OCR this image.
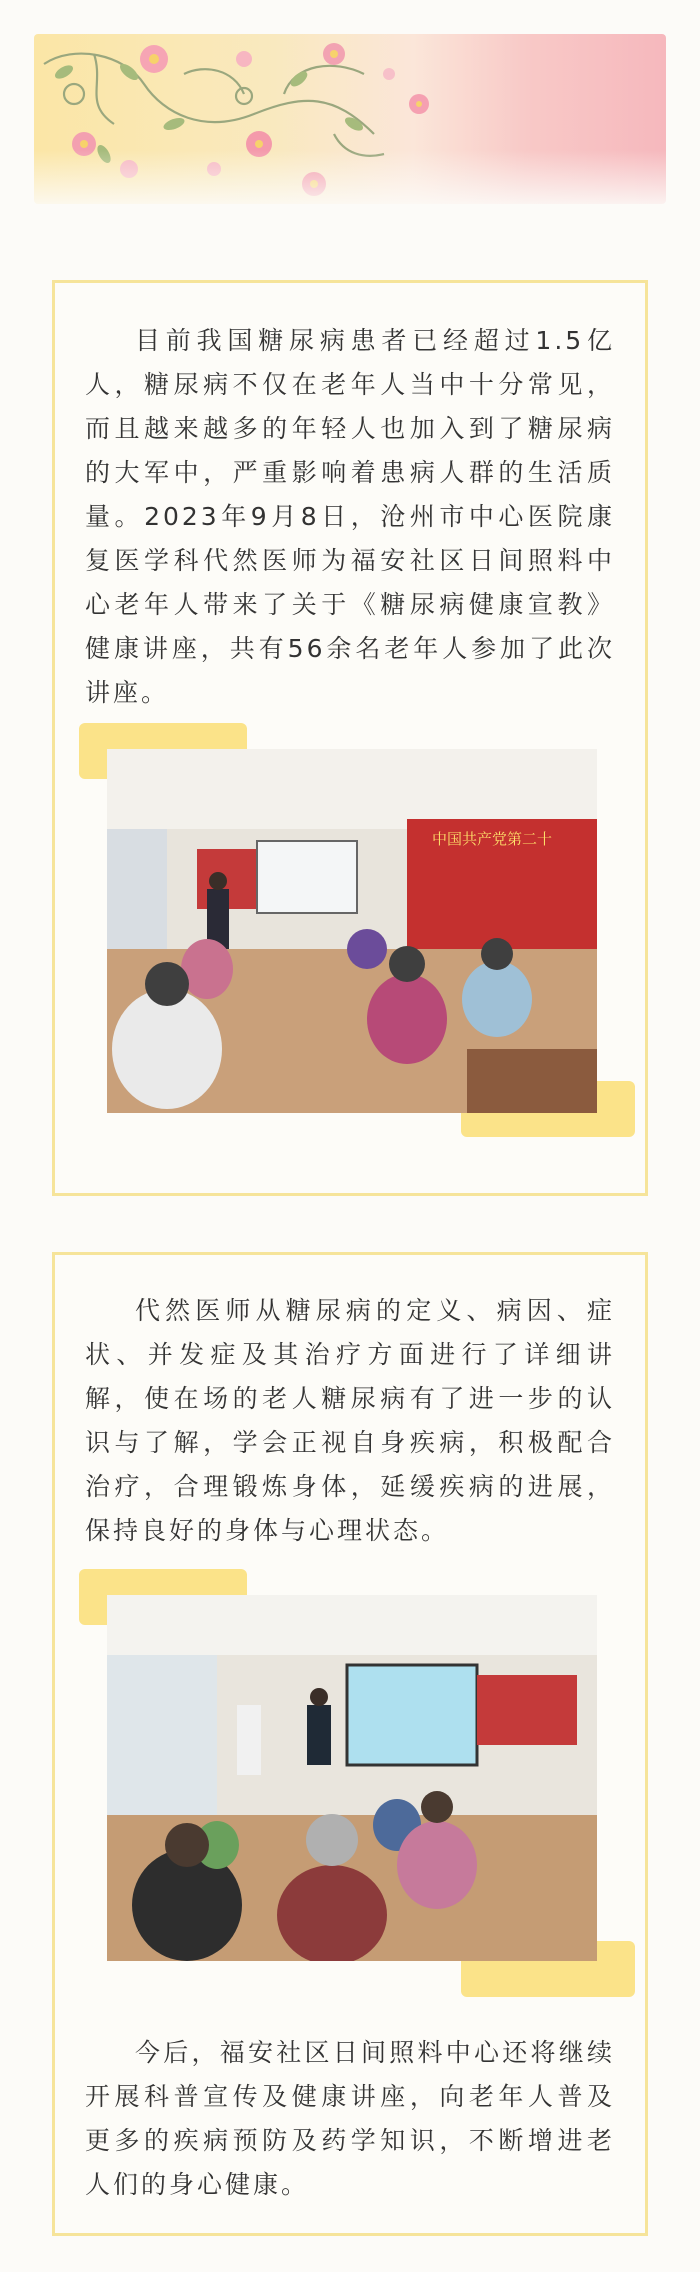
目前我国糖尿病患者已经超过1.5亿人，糖尿病不仅在老年人当中十分常见，而且越来越多的年轻人也加入到了糖尿病的大军中，严重影响着患病人群的生活质量。2023年9月8日，沧州市中心医院康复医学科代然医师为福安社区日间照料中心老年人带来了关于《糖尿病健康宣教》健康讲座，共有56余名老年人参加了此次讲座。

中国共产党第二十

代然医师从糖尿病的定义、病因、症状、并发症及其治疗方面进行了详细讲解，使在场的老人糖尿病有了进一步的认识与了解，学会正视自身疾病，积极配合治疗，合理锻炼身体，延缓疾病的进展，保持良好的身体与心理状态。

今后，福安社区日间照料中心还将继续开展科普宣传及健康讲座，向老年人普及更多的疾病预防及药学知识，不断增进老人们的身心健康。
